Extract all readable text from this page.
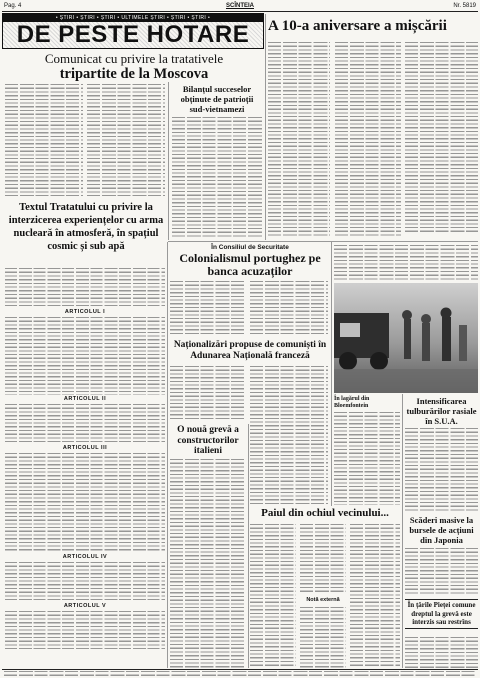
Pag. 4	SCÎNTEIA	Nr. 5819
• ȘTIRI • ȘTIRI • ȘTIRI • ULTIMELE ȘTIRI • ȘTIRI • ȘTIRI •
DE PESTE HOTARE
Comunicat cu privire la tratativele
tripartite de la Moscova
Bilanțul succeselor obținute de patrioții sud-vietnamezi
A 10-a aniversare a mișcării
Textul Tratatului cu privire la interzicerea experiențelor cu arma nucleară în atmosferă, în spațiul cosmic și sub apă
ARTICOLUL I
ARTICOLUL II
ARTICOLUL III
ARTICOLUL IV
ARTICOLUL V
În Consiliul de Securitate
Colonialismul portughez pe banca acuzaților
Naționalizări propuse de comuniști în Adunarea Națională franceză
O nouă grevă a constructorilor italieni
În lagărul din Bloemfontein
Paiul din ochiul vecinului...
Notă externă
Intensificarea tulburărilor rasiale în S.U.A.
Scăderi masive la bursele de acțiuni din Japonia
În țările Pieței comune dreptul la grevă este interzis sau restrîns
